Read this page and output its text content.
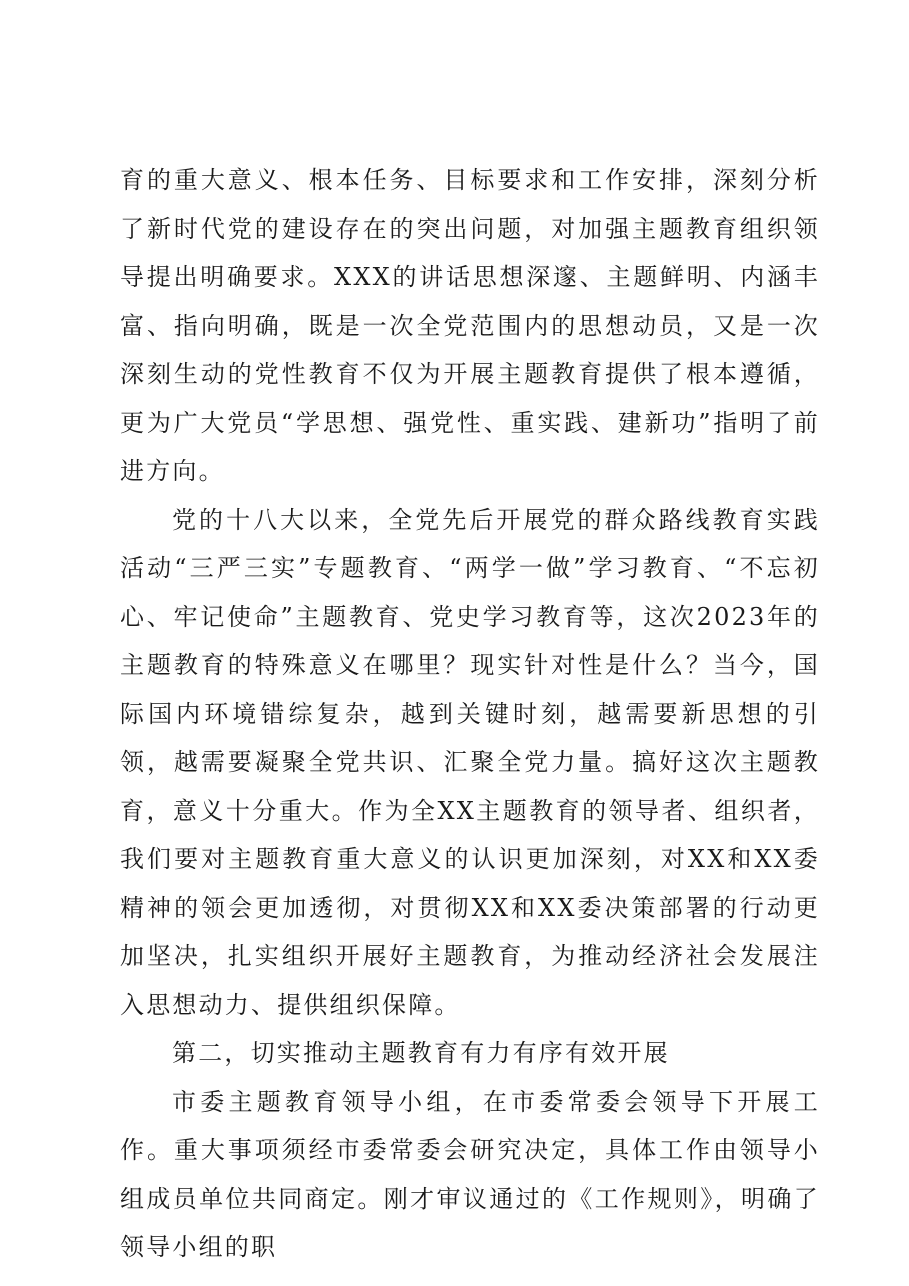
育的重大意义、根本任务、目标要求和工作安排，深刻分析了新时代党的建设存在的突出问题，对加强主题教育组织领导提出明确要求。XXX的讲话思想深邃、主题鲜明、内涵丰富、指向明确，既是一次全党范围内的思想动员，又是一次深刻生动的党性教育不仅为开展主题教育提供了根本遵循，更为广大党员“学思想、强党性、重实践、建新功”指明了前进方向。

党的十八大以来，全党先后开展党的群众路线教育实践活动“三严三实”专题教育、“两学一做”学习教育、“不忘初心、牢记使命”主题教育、党史学习教育等，这次2023年的主题教育的特殊意义在哪里？现实针对性是什么？当今，国际国内环境错综复杂，越到关键时刻，越需要新思想的引领，越需要凝聚全党共识、汇聚全党力量。搞好这次主题教育，意义十分重大。作为全XX主题教育的领导者、组织者，我们要对主题教育重大意义的认识更加深刻，对XX和XX委精神的领会更加透彻，对贯彻XX和XX委决策部署的行动更加坚决，扎实组织开展好主题教育，为推动经济社会发展注入思想动力、提供组织保障。

第二，切实推动主题教育有力有序有效开展

市委主题教育领导小组，在市委常委会领导下开展工作。重大事项须经市委常委会研究决定，具体工作由领导小组成员单位共同商定。刚才审议通过的《工作规则》，明确了领导小组的职
